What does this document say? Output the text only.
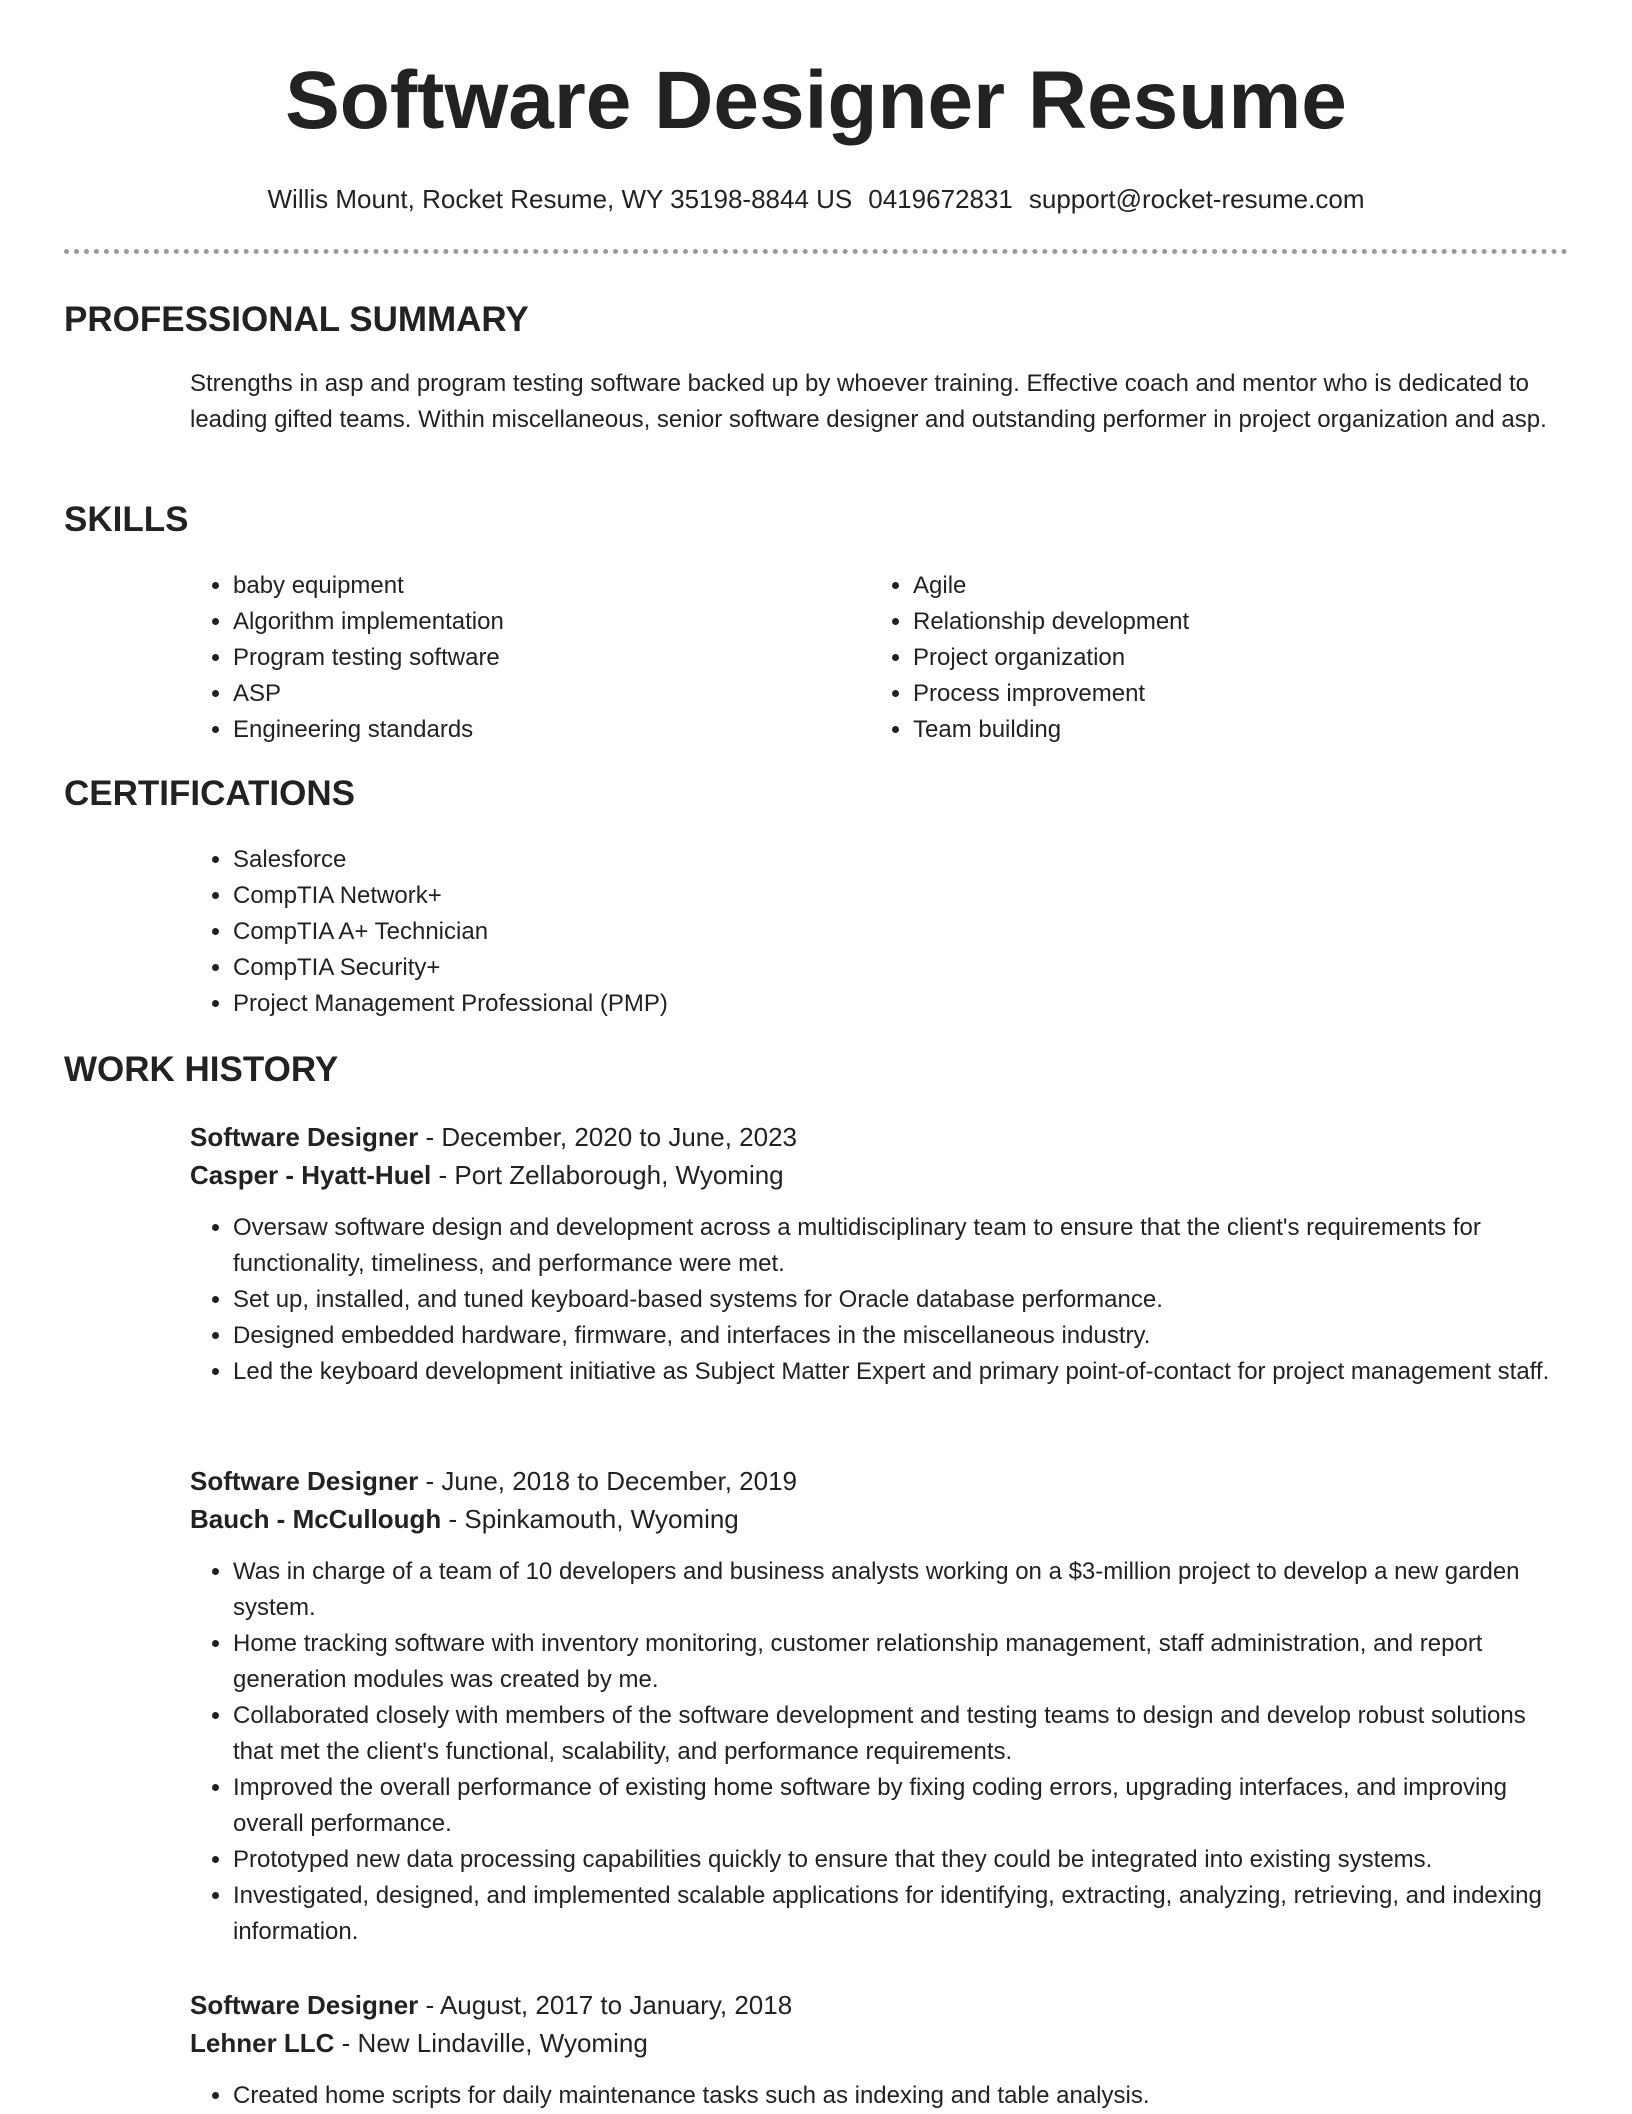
Software Designer Resume
Willis Mount, Rocket Resume, WY 35198-8844 US 0419672831 support@rocket-resume.com
PROFESSIONAL SUMMARY

Strengths in asp and program testing software backed up by whoever training. Effective coach and mentor who is dedicated to leading gifted teams. Within miscellaneous, senior software designer and outstanding performer in project organization and asp.

SKILLS
• baby equipment
• Algorithm implementation
• Program testing software
• ASP
• Engineering standards
• Agile
• Relationship development
• Project organization
• Process improvement
• Team building
CERTIFICATIONS
• Salesforce
• CompTIA Network+
• CompTIA A+ Technician
• CompTIA Security+
• Project Management Professional (PMP)
WORK HISTORY
Software Designer - December, 2020 to June, 2023
Casper - Hyatt-Huel - Port Zellaborough, Wyoming
• Oversaw software design and development across a multidisciplinary team to ensure that the client's requirements for functionality, timeliness, and performance were met.
• Set up, installed, and tuned keyboard-based systems for Oracle database performance.
• Designed embedded hardware, firmware, and interfaces in the miscellaneous industry.
• Led the keyboard development initiative as Subject Matter Expert and primary point-of-contact for project management staff.
Software Designer - June, 2018 to December, 2019
Bauch - McCullough - Spinkamouth, Wyoming
• Was in charge of a team of 10 developers and business analysts working on a $3-million project to develop a new garden system.
• Home tracking software with inventory monitoring, customer relationship management, staff administration, and report generation modules was created by me.
• Collaborated closely with members of the software development and testing teams to design and develop robust solutions that met the client's functional, scalability, and performance requirements.
• Improved the overall performance of existing home software by fixing coding errors, upgrading interfaces, and improving overall performance.
• Prototyped new data processing capabilities quickly to ensure that they could be integrated into existing systems.
• Investigated, designed, and implemented scalable applications for identifying, extracting, analyzing, retrieving, and indexing information.
Software Designer - August, 2017 to January, 2018
Lehner LLC - New Lindaville, Wyoming
• Created home scripts for daily maintenance tasks such as indexing and table analysis.
